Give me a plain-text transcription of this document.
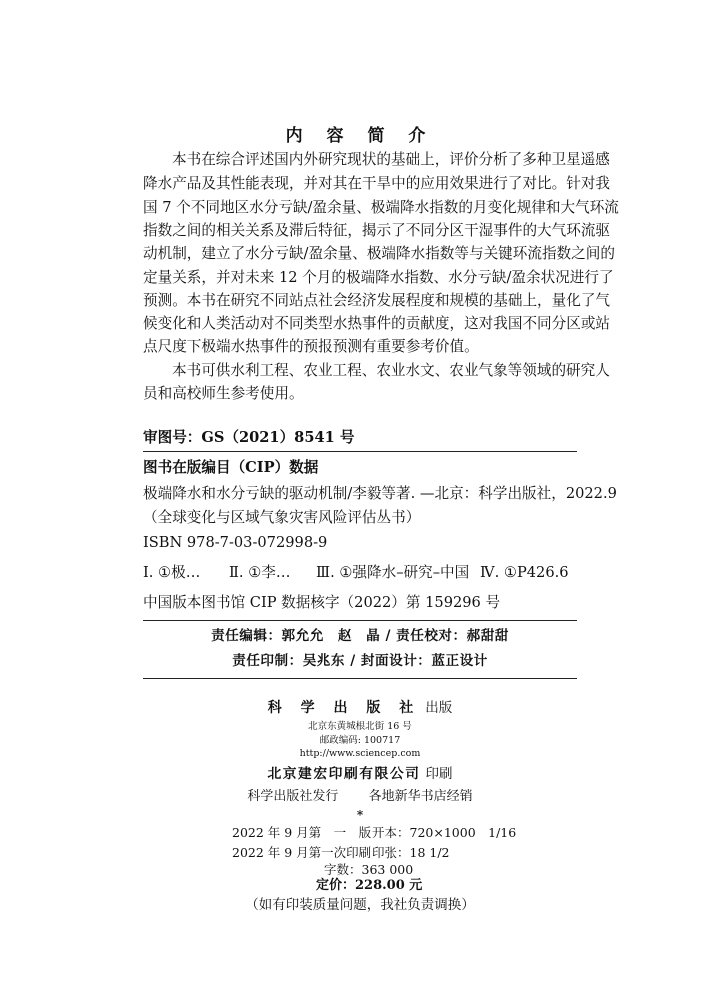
内 容 简 介
本书在综合评述国内外研究现状的基础上，评价分析了多种卫星遥感
降水产品及其性能表现，并对其在干旱中的应用效果进行了对比。针对我
国 7 个不同地区水分亏缺/盈余量、极端降水指数的月变化规律和大气环流
指数之间的相关关系及滞后特征，揭示了不同分区干湿事件的大气环流驱
动机制，建立了水分亏缺/盈余量、极端降水指数等与关键环流指数之间的
定量关系，并对未来 12 个月的极端降水指数、水分亏缺/盈余状况进行了
预测。本书在研究不同站点社会经济发展程度和规模的基础上，量化了气
候变化和人类活动对不同类型水热事件的贡献度，这对我国不同分区或站
点尺度下极端水热事件的预报预测有重要参考价值。
本书可供水利工程、农业工程、农业水文、农业气象等领域的研究人
员和高校师生参考使用。
审图号：GS（2021）8541 号
图书在版编目（CIP）数据
极端降水和水分亏缺的驱动机制/李毅等著. —北京：科学出版社，2022.9
（全球变化与区域气象灾害风险评估丛书）
ISBN 978-7-03-072998-9
Ⅰ. ①极… Ⅱ. ①李… Ⅲ. ①强降水–研究–中国 Ⅳ. ①P426.6
中国版本图书馆 CIP 数据核字（2022）第 159296 号
责任编辑：郭允允　赵　晶 / 责任校对：郝甜甜
责任印制：吴兆东 / 封面设计：蓝正设计
科 学 出 版 社 出版
北京东黄城根北街 16 号
邮政编码: 100717
http://www.sciencep.com
北京建宏印刷有限公司 印刷
科学出版社发行 各地新华书店经销
*
2022 年 9 月第　一　版 开本：720×1000　1/16
2022 年 9 月第一次印刷 印张：18 1/2
字数：363 000
定价：228.00 元
（如有印装质量问题，我社负责调换）
